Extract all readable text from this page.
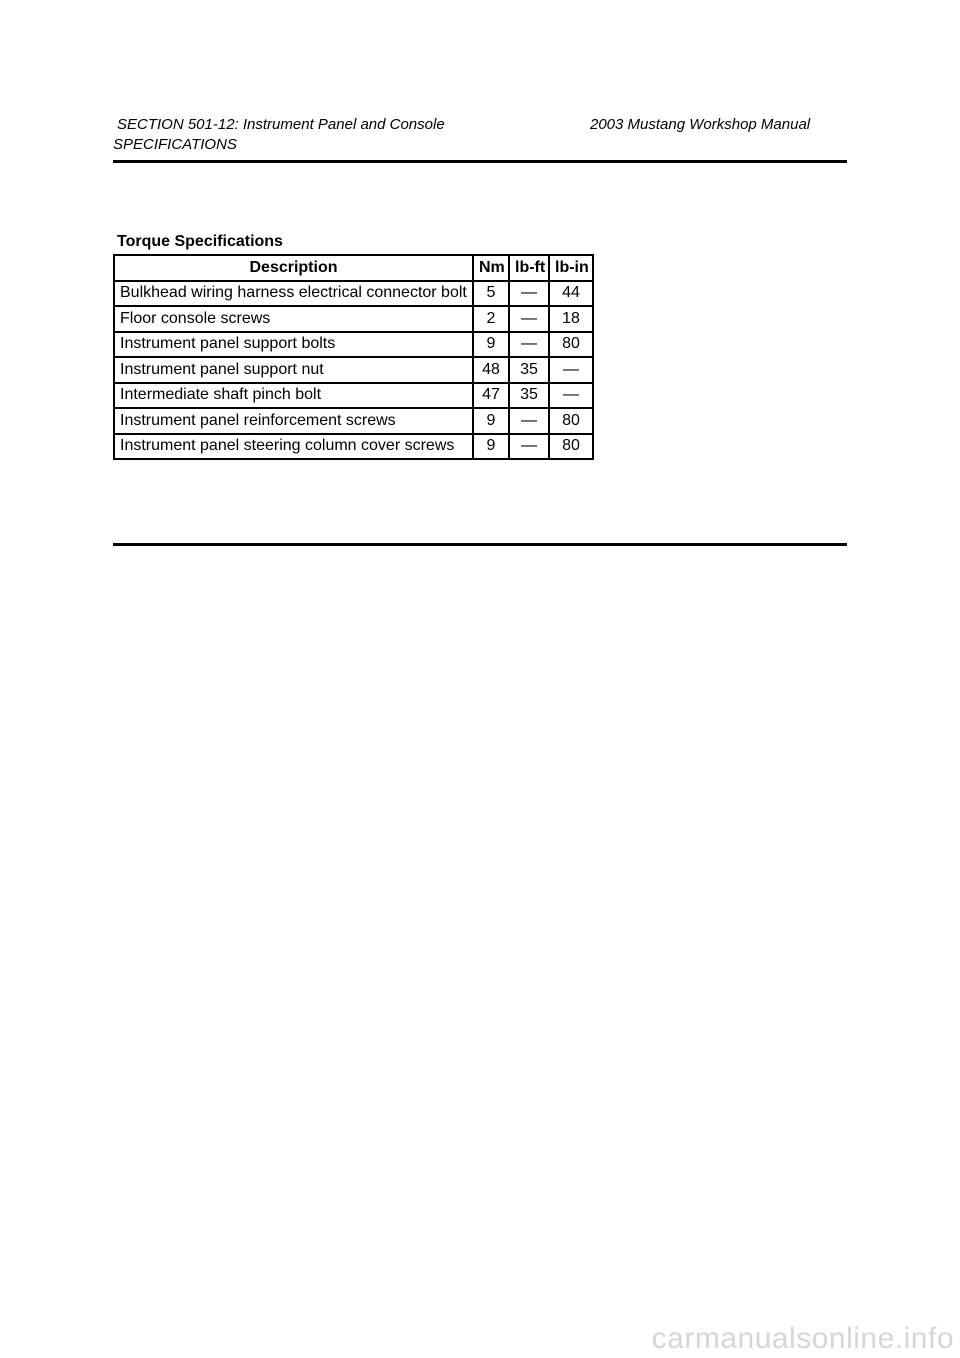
SECTION 501-12: Instrument Panel and Console	2003 Mustang Workshop Manual
SPECIFICATIONS
Torque Specifications
Description	Nm	lb-ft	lb-in
Bulkhead wiring harness electrical connector bolt	5	—	44
Floor console screws	2	—	18
Instrument panel support bolts	9	—	80
Instrument panel support nut	48	35	—
Intermediate shaft pinch bolt	47	35	—
Instrument panel reinforcement screws	9	—	80
Instrument panel steering column cover screws	9	—	80
carmanualsonline.info
